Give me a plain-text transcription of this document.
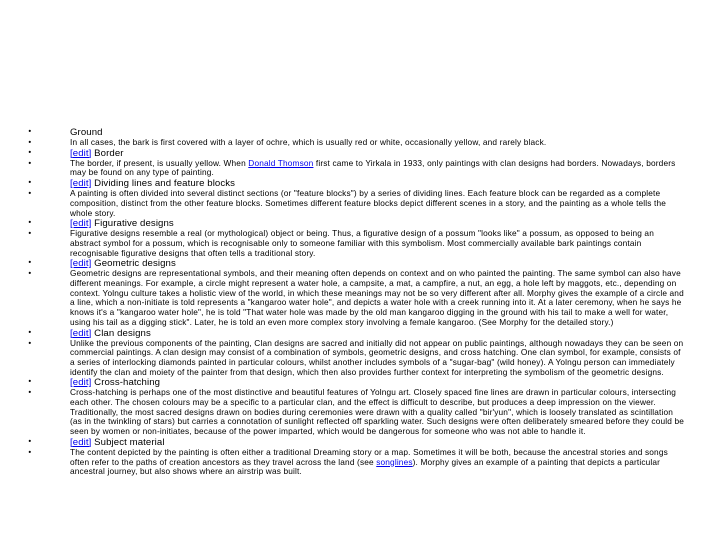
•	Ground
•	In all cases, the bark is first covered with a layer of ochre, which is usually red or white, occasionally yellow, and rarely black.
•	[edit] Border
•	The border, if present, is usually yellow. When Donald Thomson first came to Yirkala in 1933, only paintings with clan designs had borders. Nowadays, borders may be found on any type of painting.
•	[edit] Dividing lines and feature blocks
•	A painting is often divided into several distinct sections (or "feature blocks") by a series of dividing lines. Each feature block can be regarded as a complete composition, distinct from the other feature blocks. Sometimes different feature blocks depict different scenes in a story, and the painting as a whole tells the whole story.
•	[edit] Figurative designs
•	Figurative designs resemble a real (or mythological) object or being. Thus, a figurative design of a possum "looks like" a possum, as opposed to being an abstract symbol for a possum, which is recognisable only to someone familiar with this symbolism. Most commercially available bark paintings contain recognisable figurative designs that often tells a traditional story.
•	[edit] Geometric designs
•	Geometric designs are representational symbols, and their meaning often depends on context and on who painted the painting. The same symbol can also have different meanings. For example, a circle might represent a water hole, a campsite, a mat, a campfire, a nut, an egg, a hole left by maggots, etc., depending on context. Yolngu culture takes a holistic view of the world, in which these meanings may not be so very different after all. Morphy gives the example of a circle and a line, which a non-initiate is told represents a "kangaroo water hole", and depicts a water hole with a creek running into it. At a later ceremony, when he says he knows it's a "kangaroo water hole", he is told "That water hole was made by the old man kangaroo digging in the ground with his tail to make a well for water, using his tail as a digging stick". Later, he is told an even more complex story involving a female kangaroo. (See Morphy for the detailed story.)
•	[edit] Clan designs
•	Unlike the previous components of the painting, Clan designs are sacred and initially did not appear on public paintings, although nowadays they can be seen on commercial paintings. A clan design may consist of a combination of symbols, geometric designs, and cross hatching. One clan symbol, for example, consists of a series of interlocking diamonds painted in particular colours, whilst another includes symbols of a "sugar-bag" (wild honey). A Yolngu person can immediately identify the clan and moiety of the painter from that design, which then also provides further context for interpreting the symbolism of the geometric designs.
•	[edit] Cross-hatching
•	Cross-hatching is perhaps one of the most distinctive and beautiful features of Yolngu art. Closely spaced fine lines are drawn in particular colours, intersecting each other. The chosen colours may be a specific to a particular clan, and the effect is difficult to describe, but produces a deep impression on the viewer. Traditionally, the most sacred designs drawn on bodies during ceremonies were drawn with a quality called "bir'yun", which is loosely translated as scintillation (as in the twinkling of stars) but carries a connotation of sunlight reflected off sparkling water. Such designs were often deliberately smeared before they could be seen by women or non-initiates, because of the power imparted, which would be dangerous for someone who was not able to handle it.
•	[edit] Subject material
•	The content depicted by the painting is often either a traditional Dreaming story or a map. Sometimes it will be both, because the ancestral stories and songs often refer to the paths of creation ancestors as they travel across the land (see songlines). Morphy gives an example of a painting that depicts a particular ancestral journey, but also shows where an airstrip was built.
